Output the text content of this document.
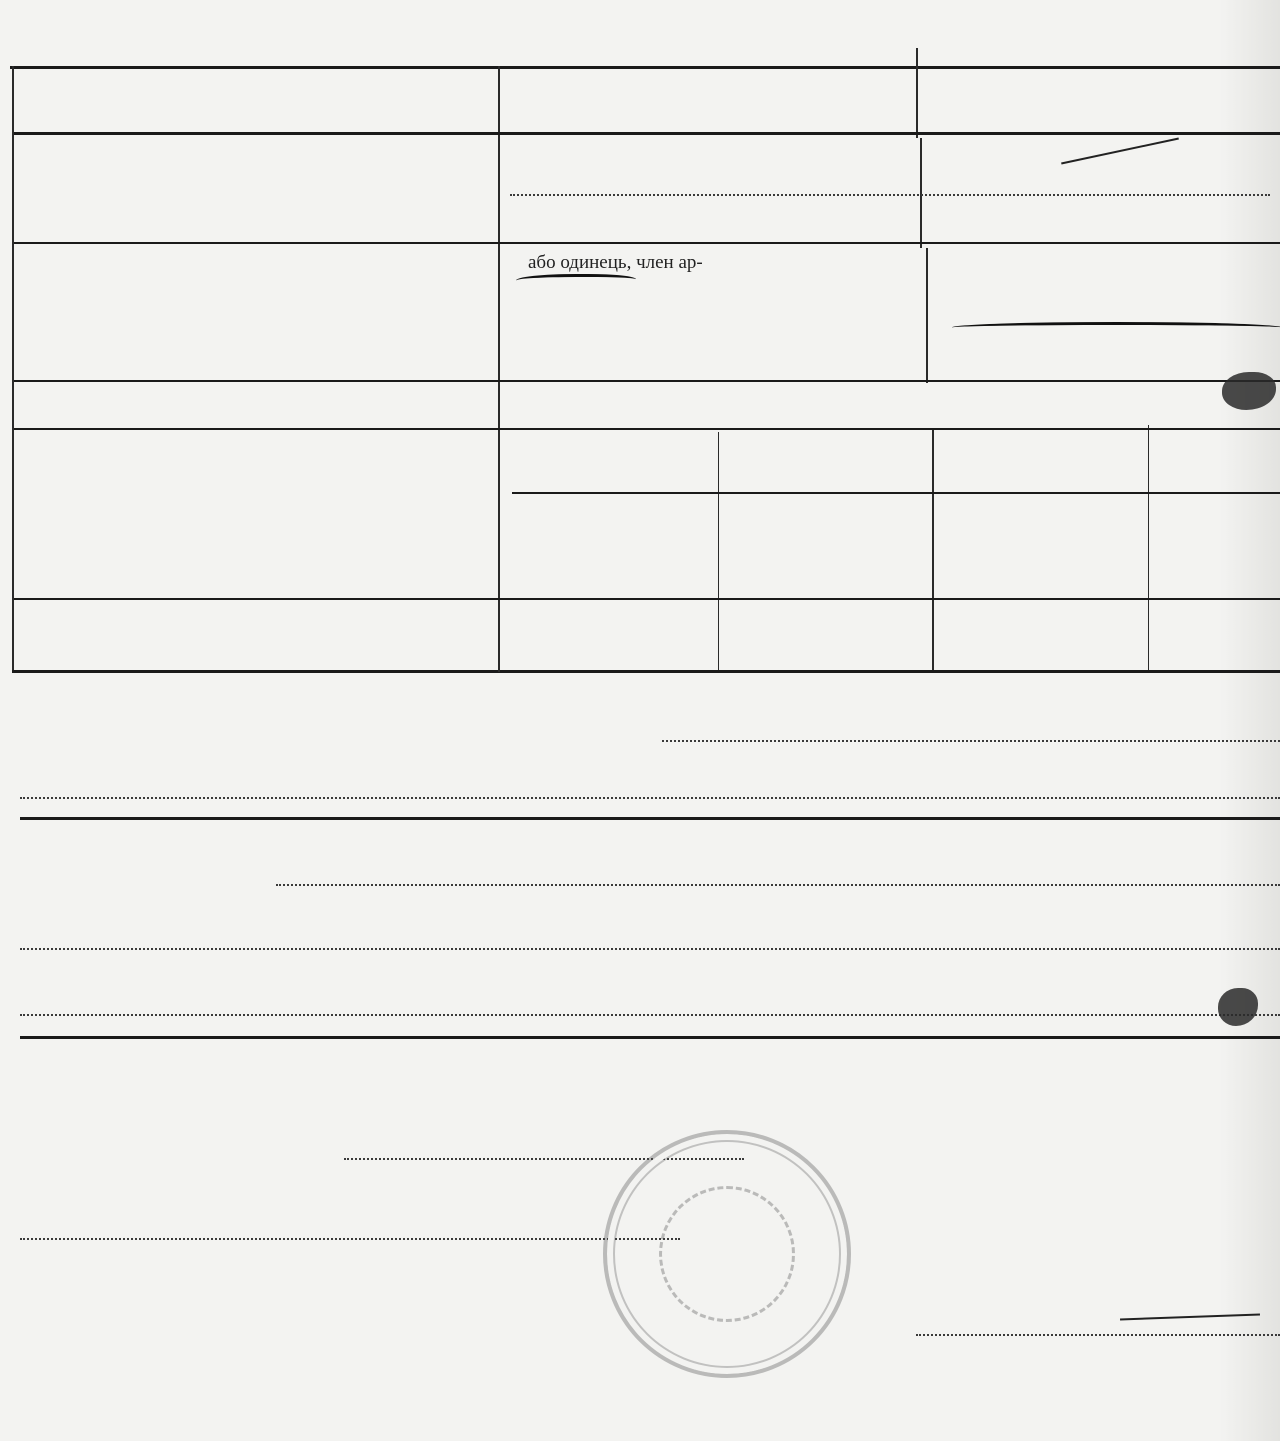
або одинець, член ар-
